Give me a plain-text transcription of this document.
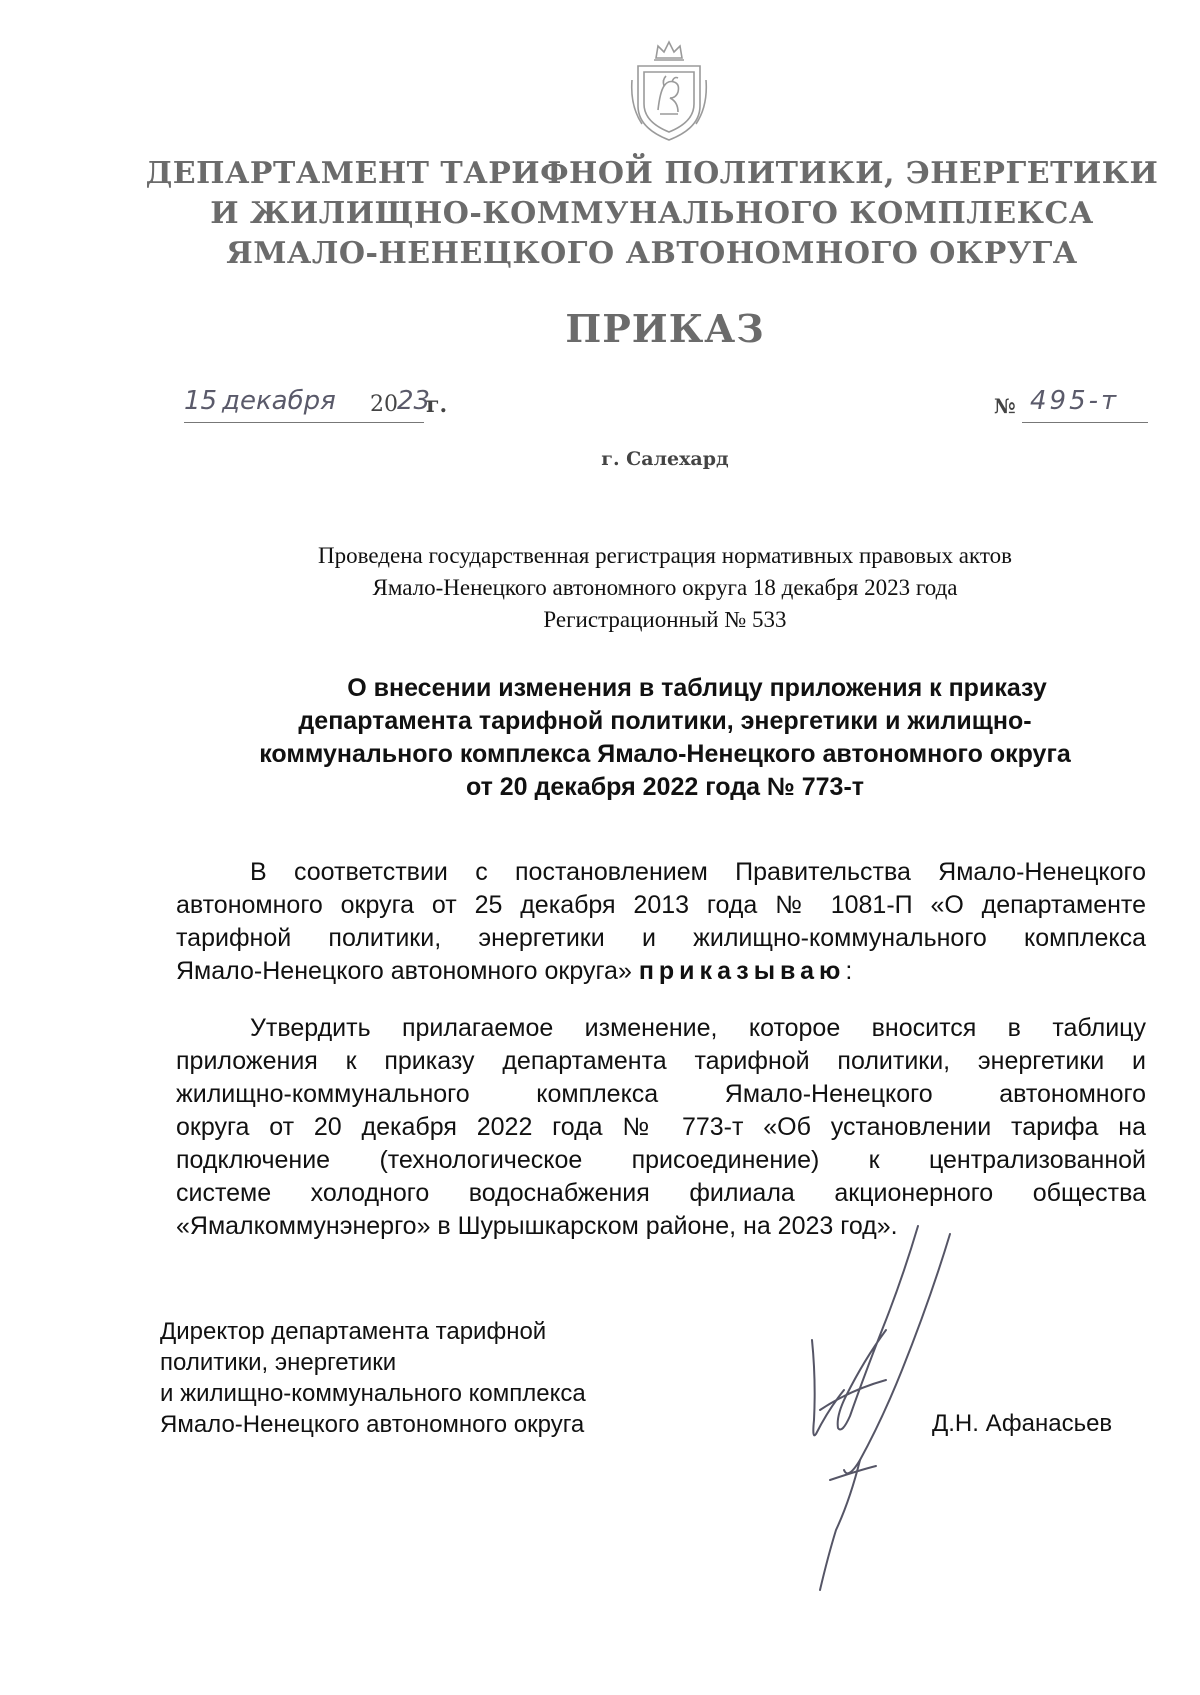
ДЕПАРТАМЕНТ ТАРИФНОЙ ПОЛИТИКИ, ЭНЕРГЕТИКИ
И ЖИЛИЩНО-КОММУНАЛЬНОГО КОМПЛЕКСА
ЯМАЛО-НЕНЕЦКОГО АВТОНОМНОГО ОКРУГА
ПРИКАЗ
15 декабря 20 23
г.	№ 495-т
г. Салехард
Проведена государственная регистрация нормативных правовых актов
Ямало-Ненецкого автономного округа 18 декабря 2023 года
Регистрационный № 533
О внесении изменения в таблицу приложения к приказу
департамента тарифной политики, энергетики и жилищно-
коммунального комплекса Ямало-Ненецкого автономного округа
от 20 декабря 2022 года № 773-т
В соответствии с постановлением Правительства Ямало-Ненецкого
автономного округа от 25 декабря 2013 года № 1081-П «О департаменте
тарифной политики, энергетики и жилищно-коммунального комплекса
Ямало-Ненецкого автономного округа» приказываю:
Утвердить прилагаемое изменение, которое вносится в таблицу
приложения к приказу департамента тарифной политики, энергетики и
жилищно-коммунального комплекса Ямало-Ненецкого автономного
округа от 20 декабря 2022 года № 773-т «Об установлении тарифа на
подключение (технологическое присоединение) к централизованной
системе холодного водоснабжения филиала акционерного общества
«Ямалкоммунэнерго» в Шурышкарском районе, на 2023 год».
Директор департамента тарифной
политики, энергетики
и жилищно-коммунального комплекса
Ямало-Ненецкого автономного округа	Д.Н. Афанасьев
